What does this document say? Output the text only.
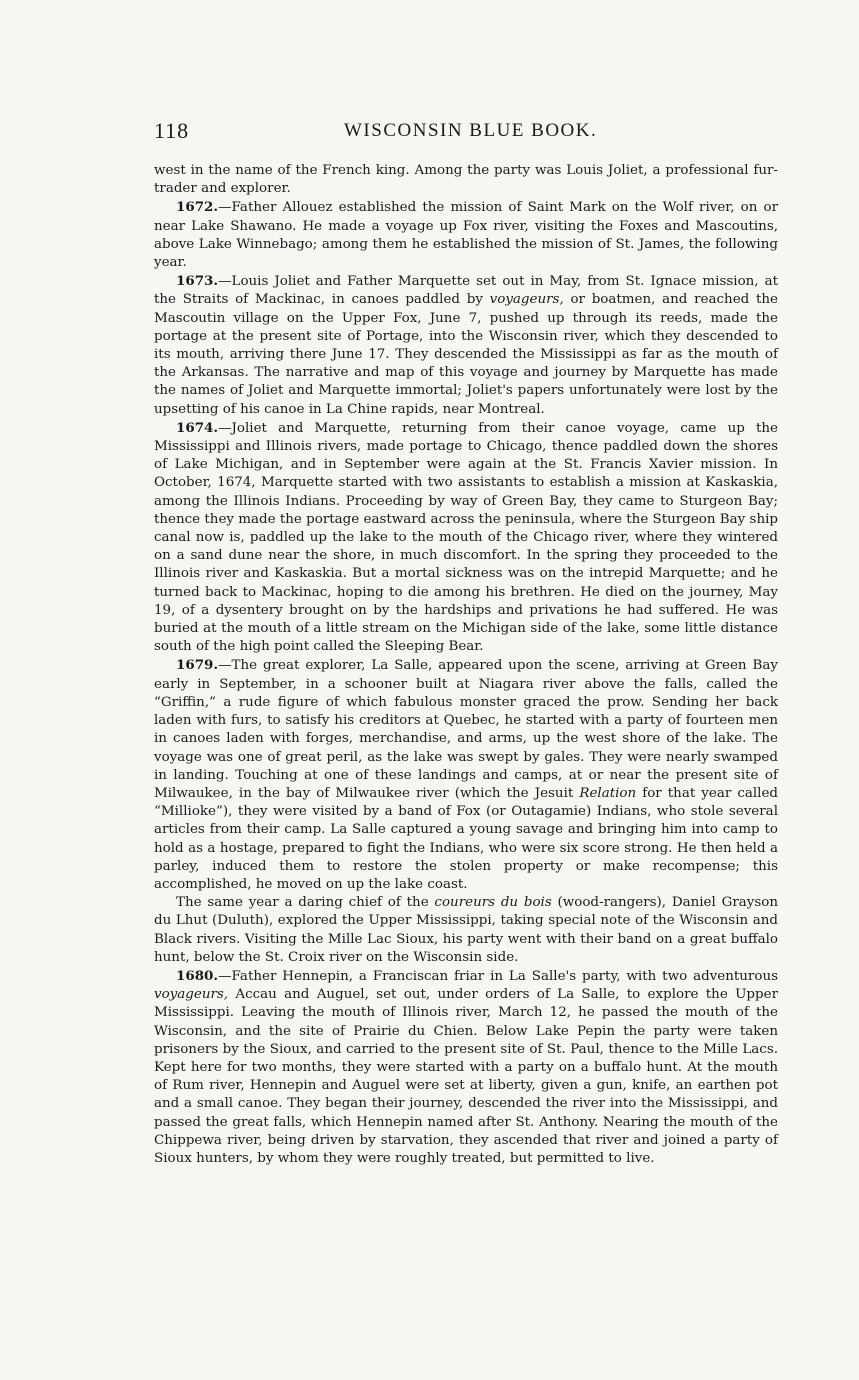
118	WISCONSIN BLUE BOOK.

west in the name of the French king. Among the party was Louis Joliet, a professional fur-trader and explorer.

1672.—Father Allouez established the mission of Saint Mark on the Wolf river, on or near Lake Shawano. He made a voyage up Fox river, visiting the Foxes and Mascoutins, above Lake Winnebago; among them he established the mission of St. James, the following year.

1673.—Louis Joliet and Father Marquette set out in May, from St. Ignace mission, at the Straits of Mackinac, in canoes paddled by voyageurs, or boatmen, and reached the Mascoutin village on the Upper Fox, June 7, pushed up through its reeds, made the portage at the present site of Portage, into the Wisconsin river, which they descended to its mouth, arriving there June 17. They descended the Mississippi as far as the mouth of the Arkansas. The narrative and map of this voyage and journey by Marquette has made the names of Joliet and Marquette immortal; Joliet's papers unfortunately were lost by the upsetting of his canoe in La Chine rapids, near Montreal.

1674.—Joliet and Marquette, returning from their canoe voyage, came up the Mississippi and Illinois rivers, made portage to Chicago, thence paddled down the shores of Lake Michigan, and in September were again at the St. Francis Xavier mission. In October, 1674, Marquette started with two assistants to establish a mission at Kaskaskia, among the Illinois Indians. Proceeding by way of Green Bay, they came to Sturgeon Bay; thence they made the portage eastward across the peninsula, where the Sturgeon Bay ship canal now is, paddled up the lake to the mouth of the Chicago river, where they wintered on a sand dune near the shore, in much discomfort. In the spring they proceeded to the Illinois river and Kaskaskia. But a mortal sickness was on the intrepid Marquette; and he turned back to Mackinac, hoping to die among his brethren. He died on the journey, May 19, of a dysentery brought on by the hardships and privations he had suffered. He was buried at the mouth of a little stream on the Michigan side of the lake, some little distance south of the high point called the Sleeping Bear.

1679.—The great explorer, La Salle, appeared upon the scene, arriving at Green Bay early in September, in a schooner built at Niagara river above the falls, called the “Griffin,” a rude figure of which fabulous monster graced the prow. Sending her back laden with furs, to satisfy his creditors at Quebec, he started with a party of fourteen men in canoes laden with forges, merchandise, and arms, up the west shore of the lake. The voyage was one of great peril, as the lake was swept by gales. They were nearly swamped in landing. Touching at one of these landings and camps, at or near the present site of Milwaukee, in the bay of Milwaukee river (which the Jesuit Relation for that year called “Millioke”), they were visited by a band of Fox (or Outagamie) Indians, who stole several articles from their camp. La Salle captured a young savage and bringing him into camp to hold as a hostage, prepared to fight the Indians, who were six score strong. He then held a parley, induced them to restore the stolen property or make recompense; this accomplished, he moved on up the lake coast.

The same year a daring chief of the coureurs du bois (wood-rangers), Daniel Grayson du Lhut (Duluth), explored the Upper Mississippi, taking special note of the Wisconsin and Black rivers. Visiting the Mille Lac Sioux, his party went with their band on a great buffalo hunt, below the St. Croix river on the Wisconsin side.

1680.—Father Hennepin, a Franciscan friar in La Salle's party, with two adventurous voyageurs, Accau and Auguel, set out, under orders of La Salle, to explore the Upper Mississippi. Leaving the mouth of Illinois river, March 12, he passed the mouth of the Wisconsin, and the site of Prairie du Chien. Below Lake Pepin the party were taken prisoners by the Sioux, and carried to the present site of St. Paul, thence to the Mille Lacs. Kept here for two months, they were started with a party on a buffalo hunt. At the mouth of Rum river, Hennepin and Auguel were set at liberty, given a gun, knife, an earthen pot and a small canoe. They began their journey, descended the river into the Mississippi, and passed the great falls, which Hennepin named after St. Anthony. Nearing the mouth of the Chippewa river, being driven by starvation, they ascended that river and joined a party of Sioux hunters, by whom they were roughly treated, but permitted to live.
